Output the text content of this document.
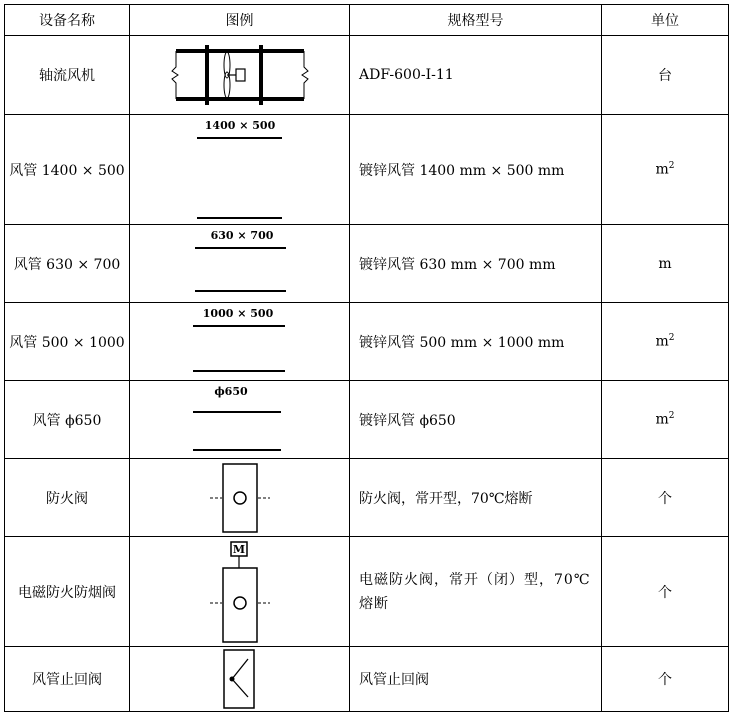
设备名称	图例	规格型号	单位
轴流风机		ADF-600-I-11	台
风管 1400 × 500	1400 × 500	镀锌风管 1400 mm × 500 mm	$m^2$
风管 630 × 700	630 × 700	镀锌风管 630 mm × 700 mm	m
风管 500 × 1000	1000 × 500	镀锌风管 500 mm × 1000 mm	$m^2$
风管 ϕ650	ϕ650	镀锌风管 ϕ650	$m^2$
防火阀		防火阀，常开型，70℃熔断	个
电磁防火防烟阀	M	电磁防火阀，常开（闭）型，70℃熔断	个
风管止回阀		风管止回阀	个
